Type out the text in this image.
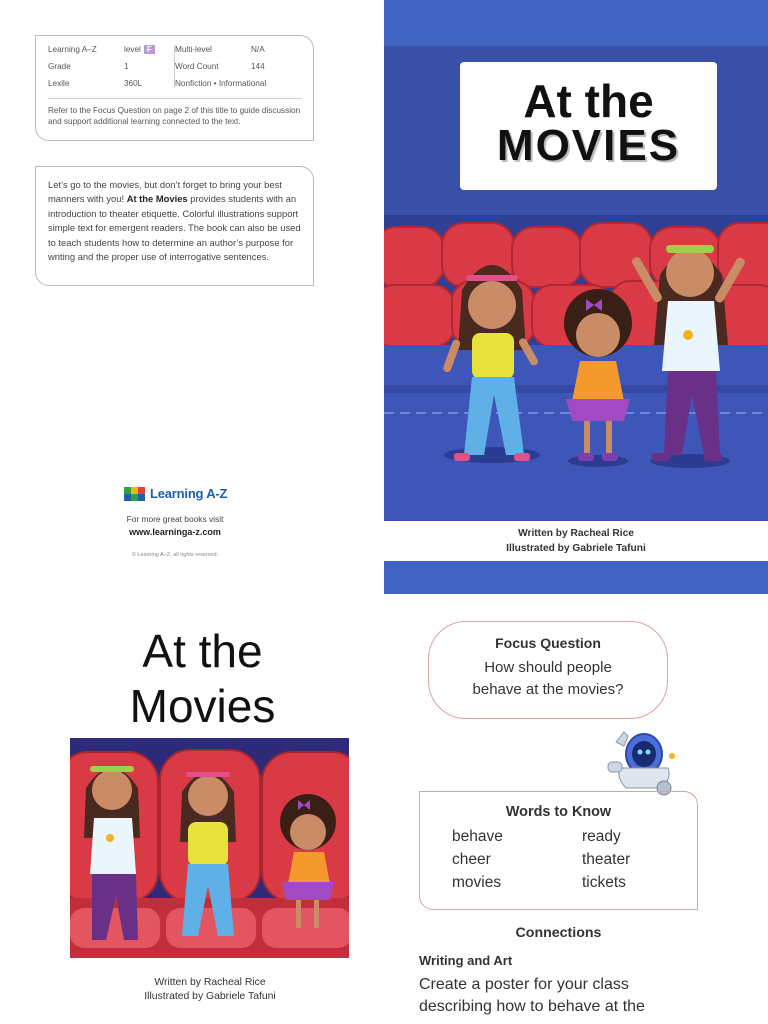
Learning A–Z	level F	Multi-level	N/A
Grade	1	Word Count	144
Lexile	360L	Nonfiction • Informational
Refer to the Focus Question on page 2 of this title to guide discussion and support additional learning connected to the text.
Let’s go to the movies, but don’t forget to bring your best manners with you! At the Movies provides students with an introduction to theater etiquette. Colorful illustrations support simple text for emergent readers. The book can also be used to teach students how to determine an author’s purpose for writing and the proper use of interrogative sentences.
Learning A-Z
For more great books visit
www.learninga-z.com
© Learning A–Z, all rights reserved.
At the
MOVIES
Written by Racheal Rice
Illustrated by Gabriele Tafuni
At the
Movies
Written by Racheal Rice
Illustrated by Gabriele Tafuni
Focus Question
How should people
behave at the movies?
Words to Know
behave	ready
cheer	theater
movies	tickets
Connections
Writing and Art
Create a poster for your class
describing how to behave at the
